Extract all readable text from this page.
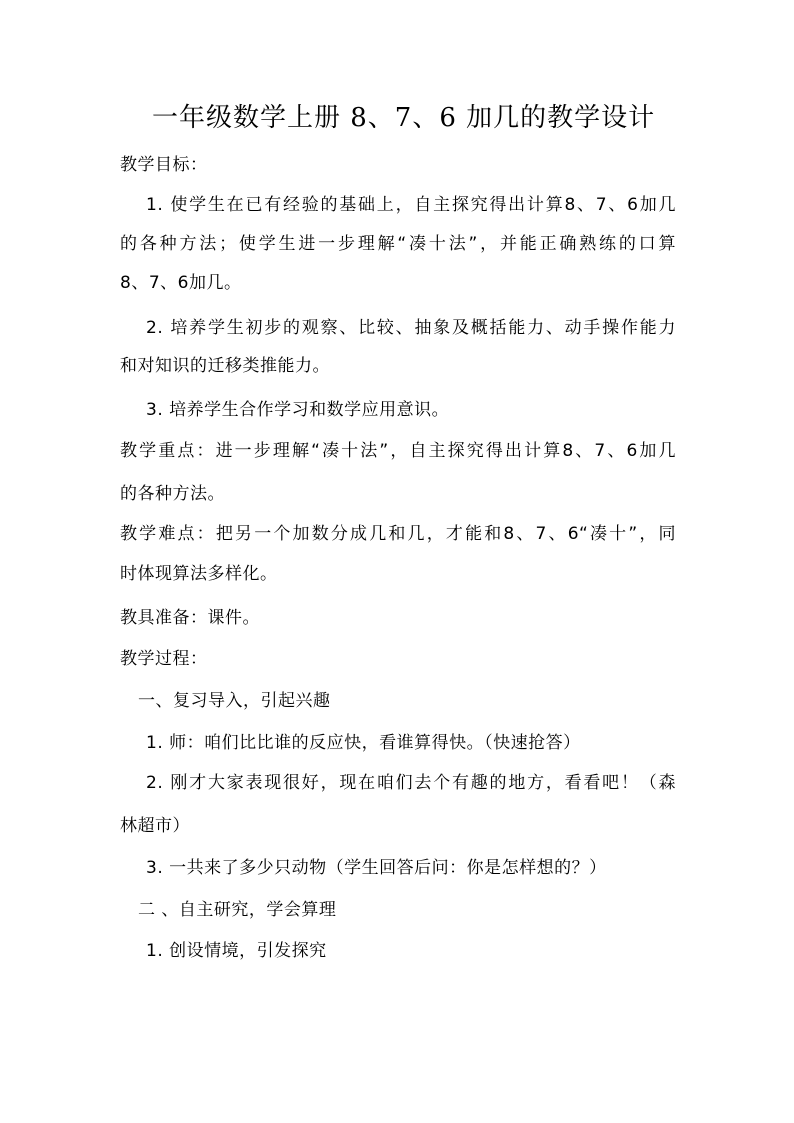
一年级数学上册 8、7、6 加几的教学设计
教学目标：
1. 使学生在已有经验的基础上，自主探究得出计算8、7、6加几
的各种方法；使学生进一步理解“凑十法”，并能正确熟练的口算
8、7、6加几。
2. 培养学生初步的观察、比较、抽象及概括能力、动手操作能力
和对知识的迁移类推能力。
3. 培养学生合作学习和数学应用意识。
教学重点：进一步理解“凑十法”，自主探究得出计算8、7、6加几
的各种方法。
教学难点：把另一个加数分成几和几，才能和8、7、6“凑十”，同
时体现算法多样化。
教具准备：课件。
教学过程：
一、复习导入，引起兴趣
1. 师：咱们比比谁的反应快，看谁算得快。（快速抢答）
2. 刚才大家表现很好，现在咱们去个有趣的地方，看看吧！（森
林超市）
3. 一共来了多少只动物（学生回答后问：你是怎样想的？）
二 、自主研究，学会算理
1. 创设情境，引发探究
